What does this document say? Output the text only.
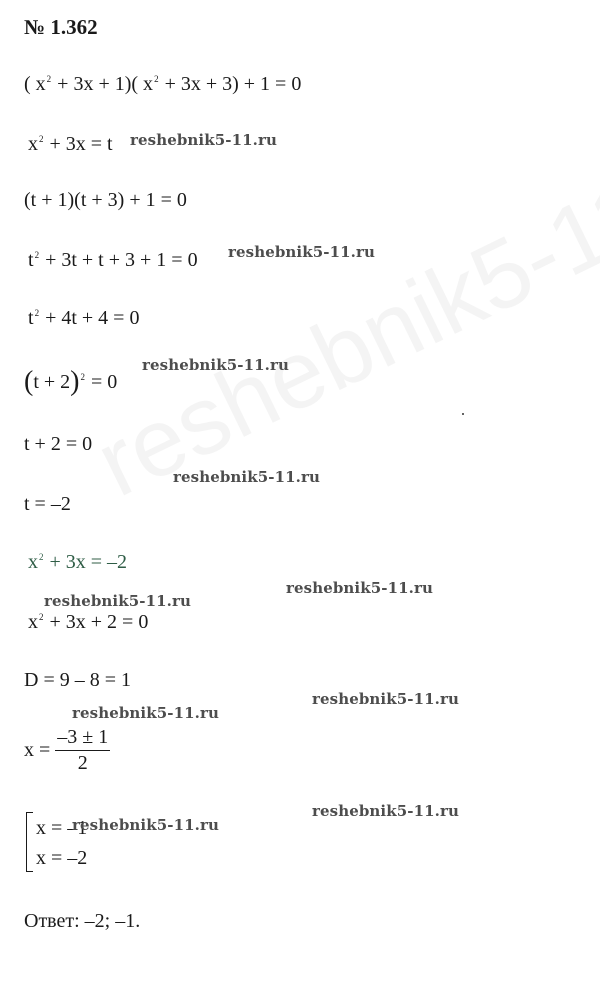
№ 1.362
( $x^2 + 3x + 1$)( $x^2 + 3x + 3) + 1 = 0$
$x^2 + 3x = t$ reshebnik5-11.ru
(t + 1)(t + 3) + 1 = 0
$t^2 + 3t + t + 3 + 1 = 0$ reshebnik5-11.ru
$t^2 + 4t + 4 = 0$
$(t + 2)^2 = 0$
reshebnik5-11.ru
t + 2 = 0
reshebnik5-11.ru
t = –2
$x^2 + 3x = -2$
reshebnik5-11.ru
reshebnik5-11.ru
$x^2 + 3x + 2 = 0$
D = 9 – 8 = 1
reshebnik5-11.ru
reshebnik5-11.ru
$x = \frac{-3 \pm 1}{2}$
x = –1
x = –2
reshebnik5-11.ru
reshebnik5-11.ru
Ответ: –2; –1.
